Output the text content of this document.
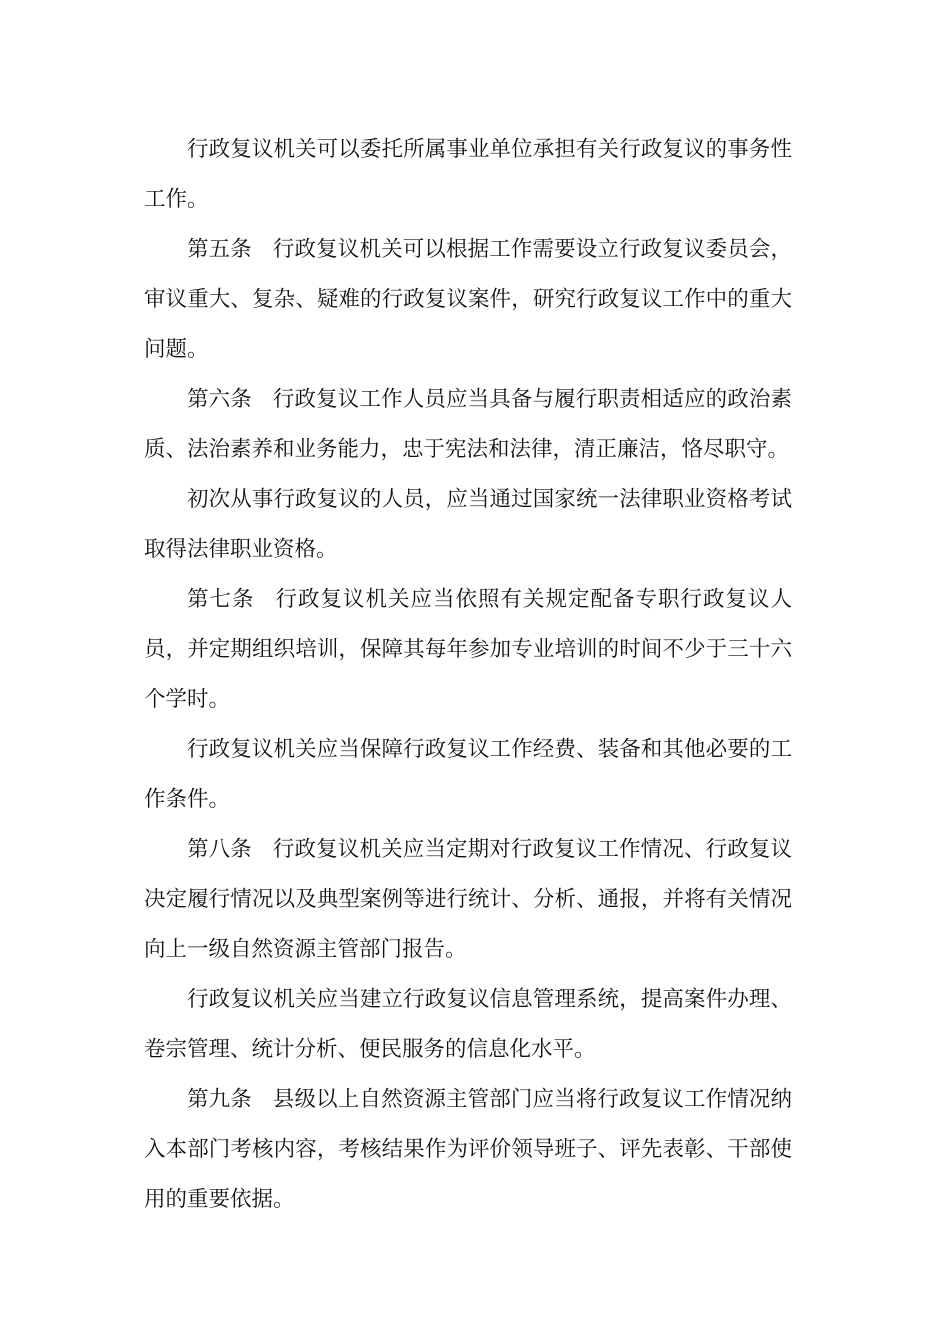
行政复议机关可以委托所属事业单位承担有关行政复议的事务性工作。

第五条 行政复议机关可以根据工作需要设立行政复议委员会，审议重大、复杂、疑难的行政复议案件，研究行政复议工作中的重大问题。

第六条 行政复议工作人员应当具备与履行职责相适应的政治素质、法治素养和业务能力，忠于宪法和法律，清正廉洁，恪尽职守。

初次从事行政复议的人员，应当通过国家统一法律职业资格考试取得法律职业资格。

第七条 行政复议机关应当依照有关规定配备专职行政复议人员，并定期组织培训，保障其每年参加专业培训的时间不少于三十六个学时。

行政复议机关应当保障行政复议工作经费、装备和其他必要的工作条件。

第八条 行政复议机关应当定期对行政复议工作情况、行政复议决定履行情况以及典型案例等进行统计、分析、通报，并将有关情况向上一级自然资源主管部门报告。

行政复议机关应当建立行政复议信息管理系统，提高案件办理、卷宗管理、统计分析、便民服务的信息化水平。

第九条 县级以上自然资源主管部门应当将行政复议工作情况纳入本部门考核内容，考核结果作为评价领导班子、评先表彰、干部使用的重要依据。
